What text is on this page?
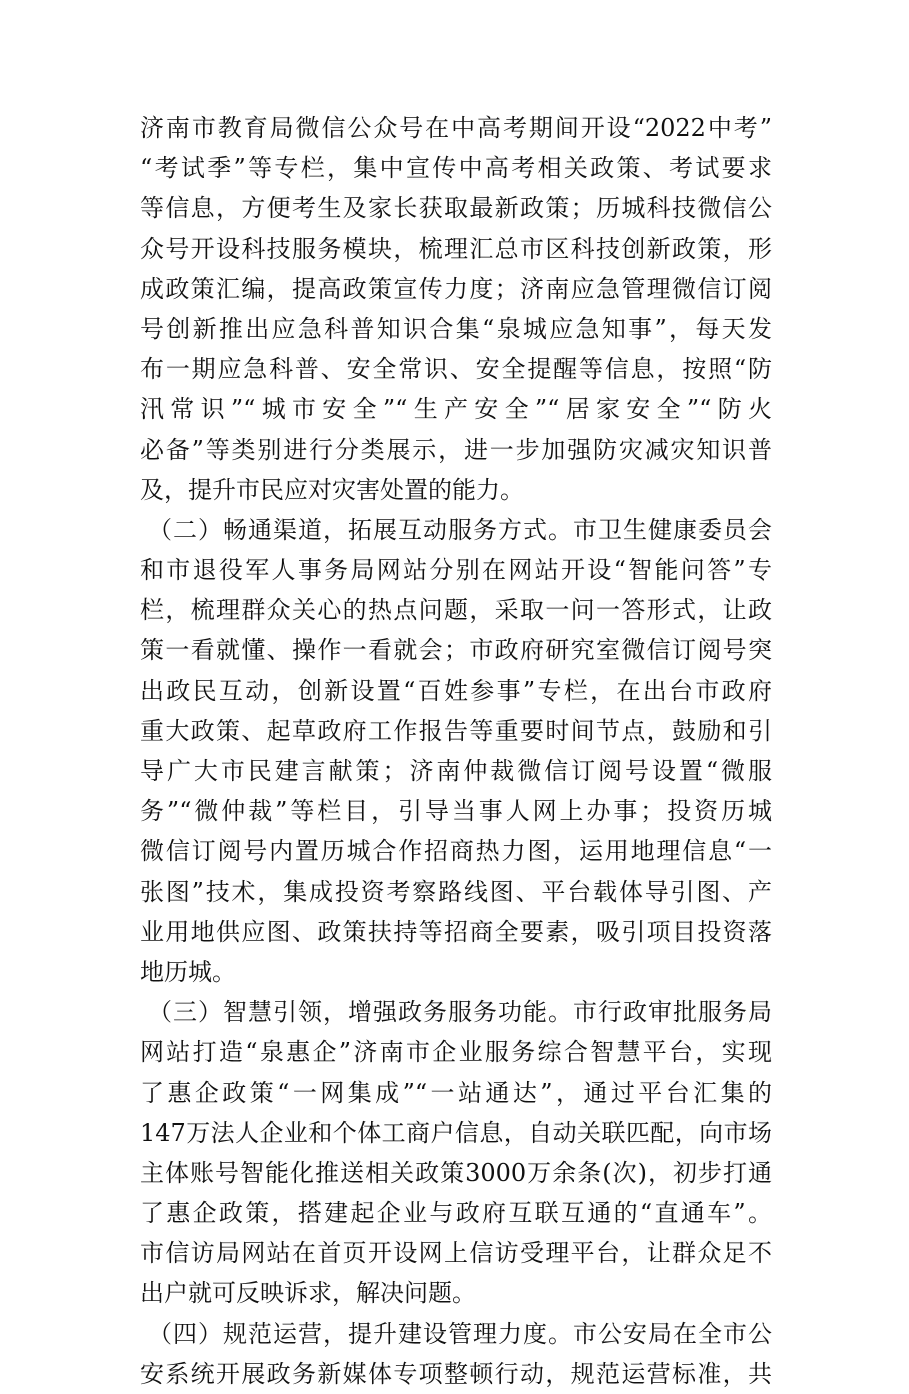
济南市教育局微信公众号在中高考期间开设“2022中考”
“考试季”等专栏，集中宣传中高考相关政策、考试要求
等信息，方便考生及家长获取最新政策；历城科技微信公
众号开设科技服务模块，梳理汇总市区科技创新政策，形
成政策汇编，提高政策宣传力度；济南应急管理微信订阅
号创新推出应急科普知识合集“泉城应急知事”，每天发
布一期应急科普、安全常识、安全提醒等信息，按照“防
汛常识”“城市安全”“生产安全”“居家安全”“防火
必备”等类别进行分类展示，进一步加强防灾减灾知识普
及，提升市民应对灾害处置的能力。
（二）畅通渠道，拓展互动服务方式。市卫生健康委员会
和市退役军人事务局网站分别在网站开设“智能问答”专
栏，梳理群众关心的热点问题，采取一问一答形式，让政
策一看就懂、操作一看就会；市政府研究室微信订阅号突
出政民互动，创新设置“百姓参事”专栏，在出台市政府
重大政策、起草政府工作报告等重要时间节点，鼓励和引
导广大市民建言献策；济南仲裁微信订阅号设置“微服
务”“微仲裁”等栏目，引导当事人网上办事；投资历城
微信订阅号内置历城合作招商热力图，运用地理信息“一
张图”技术，集成投资考察路线图、平台载体导引图、产
业用地供应图、政策扶持等招商全要素，吸引项目投资落
地历城。
（三）智慧引领，增强政务服务功能。市行政审批服务局
网站打造“泉惠企”济南市企业服务综合智慧平台，实现
了惠企政策“一网集成”“一站通达”，通过平台汇集的
147万法人企业和个体工商户信息，自动关联匹配，向市场
主体账号智能化推送相关政策3000万余条(次)，初步打通
了惠企政策，搭建起企业与政府互联互通的“直通车”。
市信访局网站在首页开设网上信访受理平台，让群众足不
出户就可反映诉求，解决问题。
（四）规范运营，提升建设管理力度。市公安局在全市公
安系统开展政务新媒体专项整顿行动，规范运营标准，共
